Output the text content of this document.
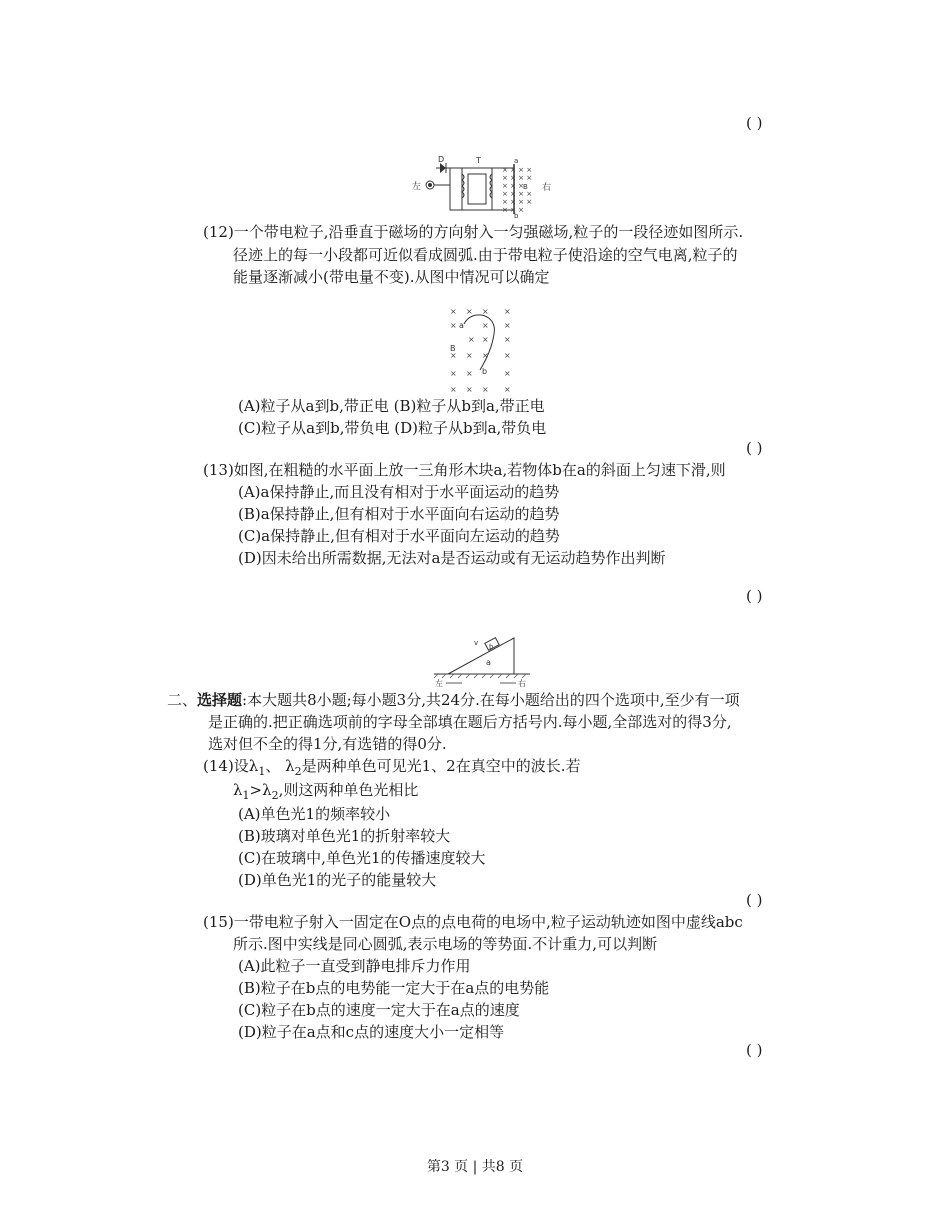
( )
D	T	a
b
B
左	右
× × × ×
× × × ×
× × ×
× × × ×
× × × ×
× × ×
(12)一个带电粒子,沿垂直于磁场的方向射入一匀强磁场,粒子的一段径迹如图所示.
径迹上的每一小段都可近似看成圆弧.由于带电粒子使沿途的空气电离,粒子的
能量逐渐减小(带电量不变).从图中情况可以确定
× × × ×
×	× ×
× × ×
× × × ×
× ×	×
× × × ×
a
b
B
(A)粒子从a到b,带正电 (B)粒子从b到a,带正电
(C)粒子从a到b,带负电 (D)粒子从b到a,带负电
( )
(13)如图,在粗糙的水平面上放一三角形木块a,若物体b在a的斜面上匀速下滑,则
(A)a保持静止,而且没有相对于水平面运动的趋势
(B)a保持静止,但有相对于水平面向右运动的趋势
(C)a保持静止,但有相对于水平面向左运动的趋势
(D)因未给出所需数据,无法对a是否运动或有无运动趋势作出判断
( )
b
v
a
左	右
二、选择题:本大题共8小题;每小题3分,共24分.在每小题给出的四个选项中,至少有一项
是正确的.把正确选项前的字母全部填在题后方括号内.每小题,全部选对的得3分,
选对但不全的得1分,有选错的得0分.
(14)设$\lambda_1$、 $\lambda_2$是两种单色可见光1、2在真空中的波长.若
$\lambda_1>\lambda_2$,则这两种单色光相比
(A)单色光1的频率较小
(B)玻璃对单色光1的折射率较大
(C)在玻璃中,单色光1的传播速度较大
(D)单色光1的光子的能量较大
( )
(15)一带电粒子射入一固定在O点的点电荷的电场中,粒子运动轨迹如图中虚线abc
所示.图中实线是同心圆弧,表示电场的等势面.不计重力,可以判断
(A)此粒子一直受到静电排斥力作用
(B)粒子在b点的电势能一定大于在a点的电势能
(C)粒子在b点的速度一定大于在a点的速度
(D)粒子在a点和c点的速度大小一定相等
( )
第3 页 | 共8 页
